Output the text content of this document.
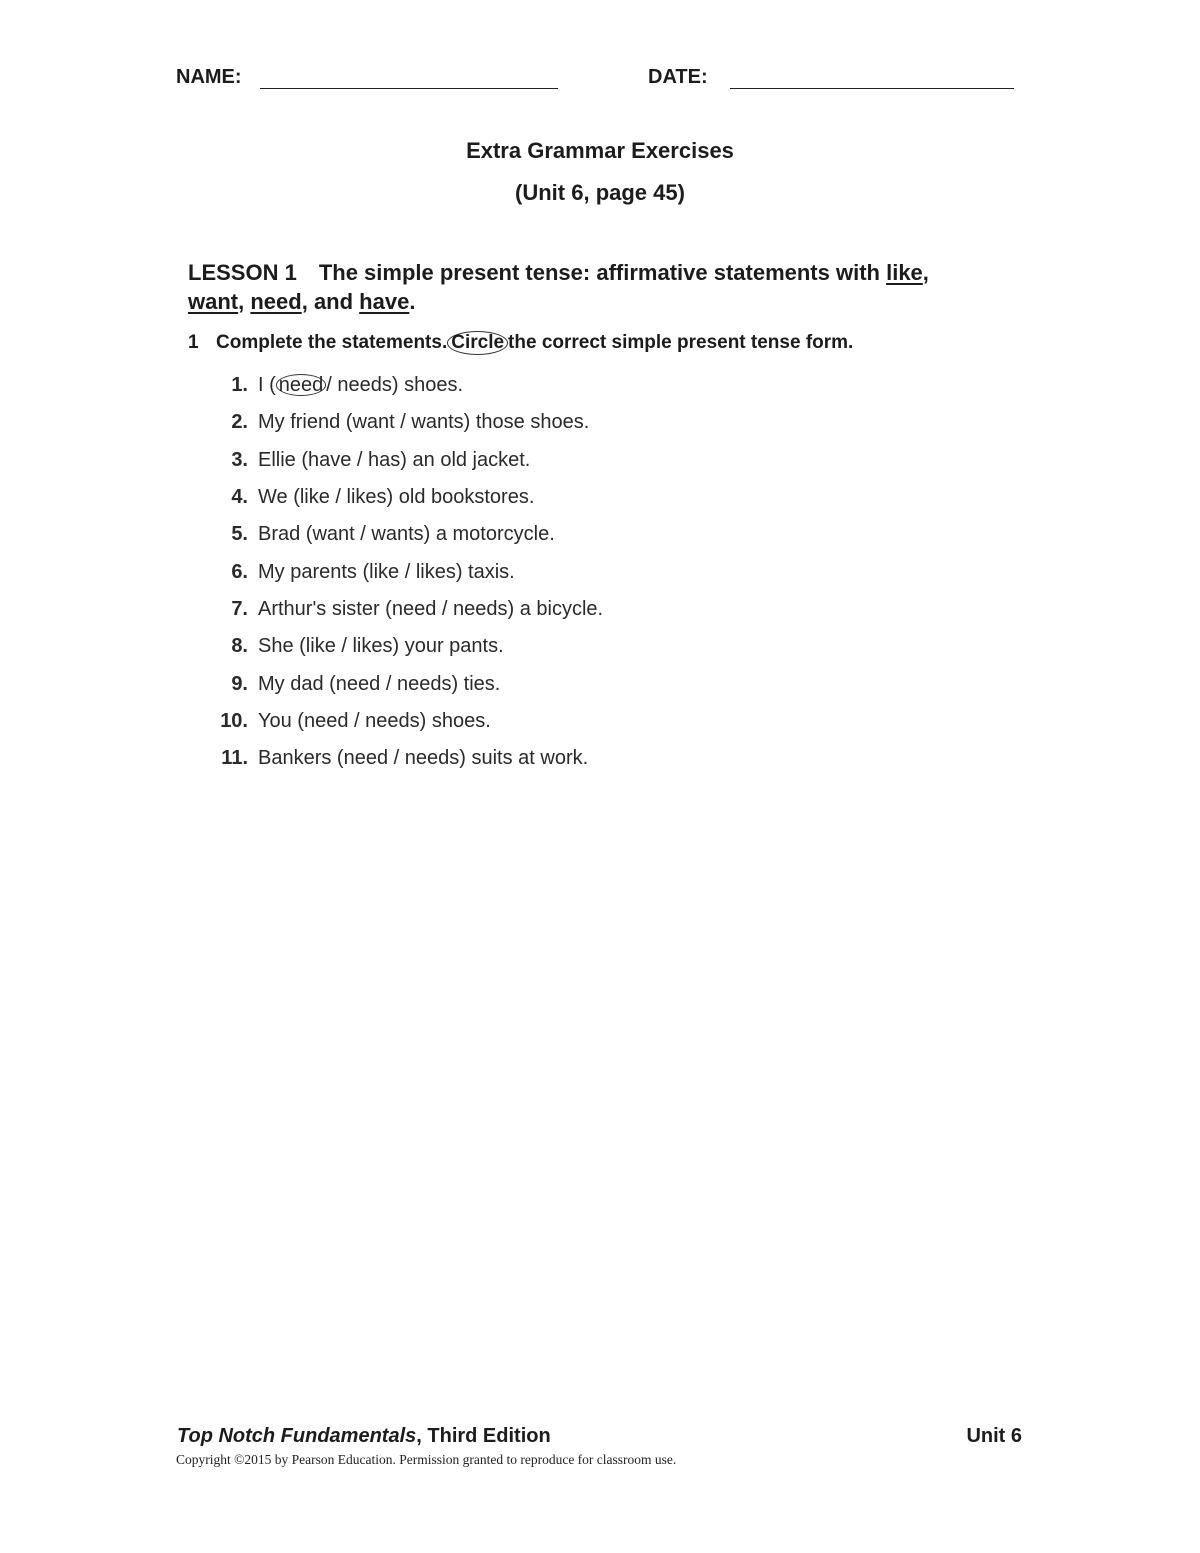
NAME:	DATE:
Extra Grammar Exercises
(Unit 6, page 45)
LESSON 1 The simple present tense: affirmative statements with like,
want, need, and have.
1 Complete the statements. Circle the correct simple present tense form.
1. I ( need / needs) shoes.
2. My friend (want / wants) those shoes.
3. Ellie (have / has) an old jacket.
4. We (like / likes) old bookstores.
5. Brad (want / wants) a motorcycle.
6. My parents (like / likes) taxis.
7. Arthur's sister (need / needs) a bicycle.
8. She (like / likes) your pants.
9. My dad (need / needs) ties.
10. You (need / needs) shoes.
11. Bankers (need / needs) suits at work.
Top Notch Fundamentals, Third Edition	Unit 6
Copyright ©2015 by Pearson Education. Permission granted to reproduce for classroom use.
